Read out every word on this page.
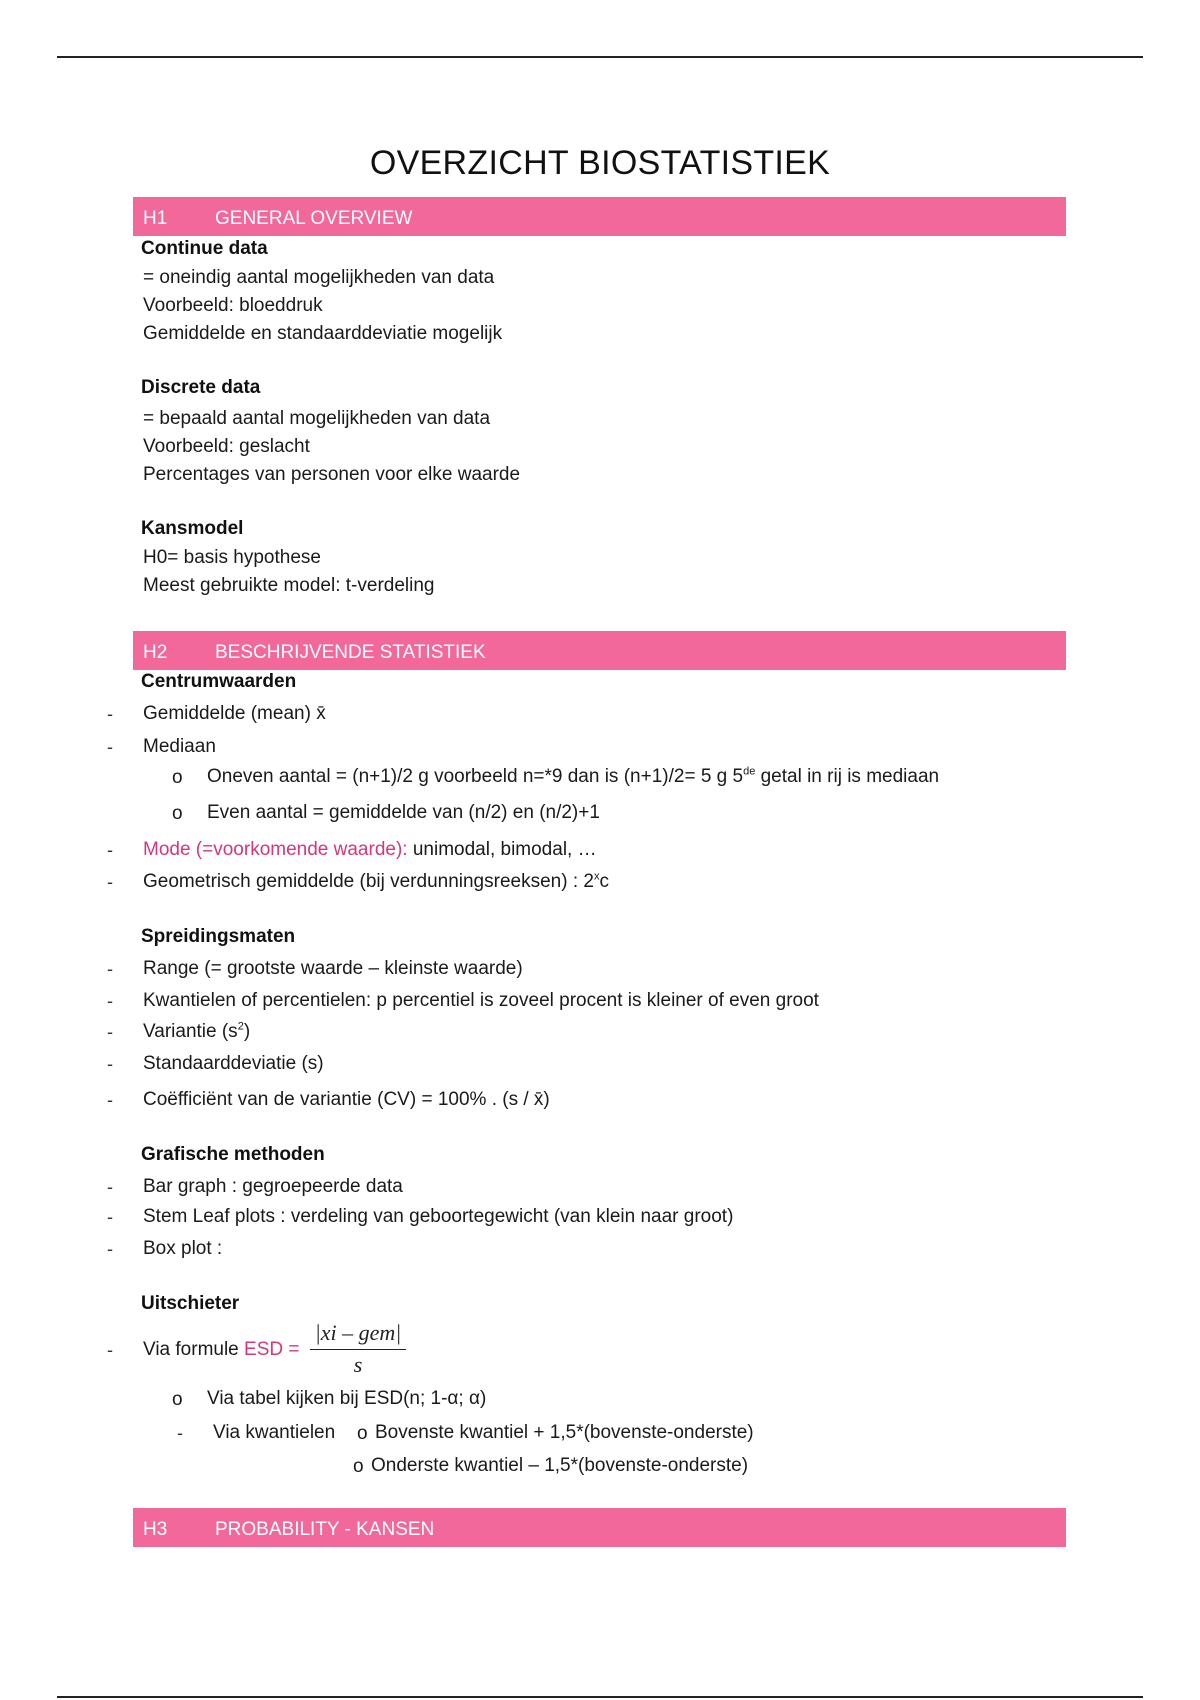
OVERZICHT BIOSTATISTIEK
H1	GENERAL OVERVIEW
Continue data
= oneindig aantal mogelijkheden van data
Voorbeeld: bloeddruk
Gemiddelde en standaarddeviatie mogelijk
Discrete data
= bepaald aantal mogelijkheden van data
Voorbeeld: geslacht
Percentages van personen voor elke waarde
Kansmodel
H0= basis hypothese
Meest gebruikte model: t-verdeling
H2	BESCHRIJVENDE STATISTIEK
Centrumwaarden
- Gemiddelde (mean) x̄
- Mediaan
o Oneven aantal = (n+1)/2 g voorbeeld n=*9 dan is (n+1)/2= 5 g 5de getal in rij is mediaan
o Even aantal = gemiddelde van (n/2) en (n/2)+1
- Mode (=voorkomende waarde): unimodal, bimodal, …
- Geometrisch gemiddelde (bij verdunningsreeksen) : 2$^x$c
Spreidingsmaten
- Range (= grootste waarde – kleinste waarde)
- Kwantielen of percentielen: p percentiel is zoveel procent is kleiner of even groot
- Variantie $(s^2)$
- Standaarddeviatie (s)
- Coëfficiënt van de variantie (CV) = 100% . (s / x̄)
Grafische methoden
- Bar graph : gegroepeerde data
- Stem Leaf plots : verdeling van geboortegewicht (van klein naar groot)
- Box plot :
Uitschieter
- Via formule ESD =
|xi – gem|
s
o Via tabel kijken bij ESD(n; 1-α; α)
- Via kwantielen o Bovenste kwantiel + 1,5*(bovenste-onderste)
o Onderste kwantiel – 1,5*(bovenste-onderste)
H3	PROBABILITY - KANSEN
